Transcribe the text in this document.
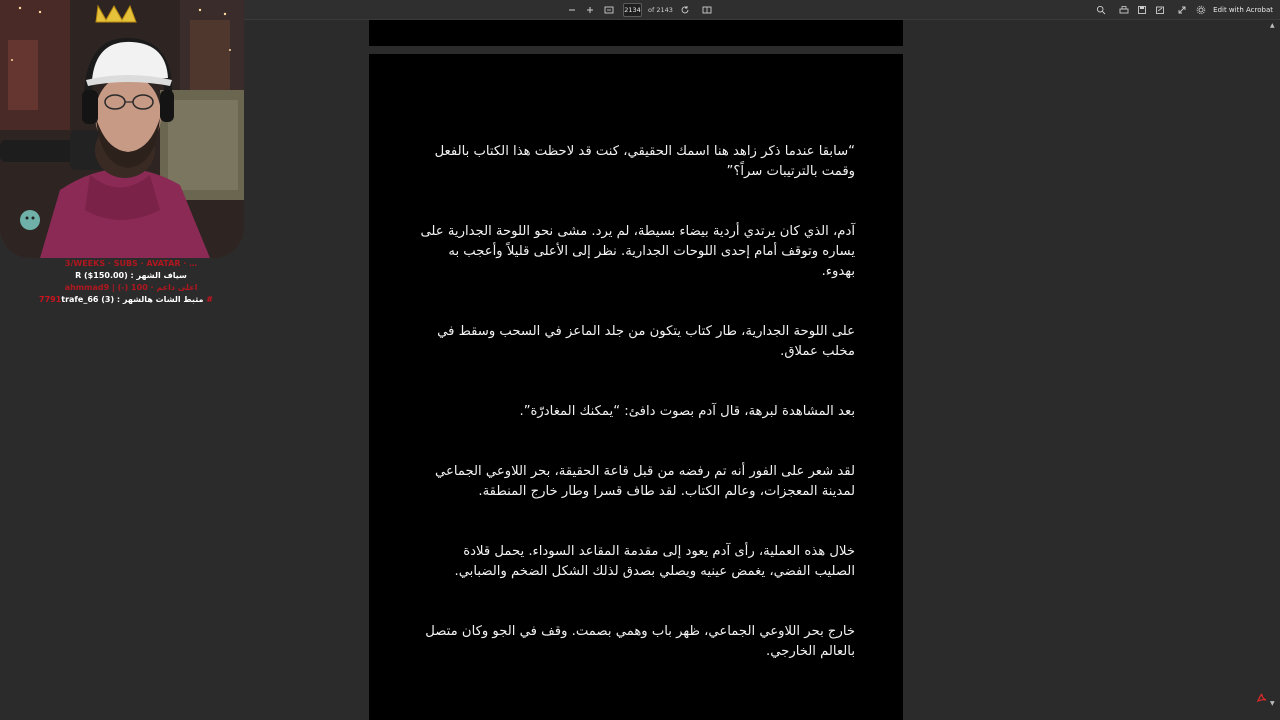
2134
of 2143	Edit with Acrobat
3/WEEKS · SUBS · AVATAR · …
R ($150.00) : سياف الشهر
ahmmad9 | (-) 100 · اعلى داعم
7791trafe_66 (3) : مثبط الشات هالشهر #

“سابقا عندما ذكر زاهد هنا اسمك الحقيقي، كنت قد لاحظت هذا الكتاب بالفعل وقمت بالترتيبات سراً؟”

آدم، الذي كان يرتدي أردية بيضاء بسيطة، لم يرد. مشى نحو اللوحة الجدارية على يساره وتوقف أمام إحدى اللوحات الجدارية. نظر إلى الأعلى قليلاً وأعجب به بهدوء.

على اللوحة الجدارية، طار كتاب يتكون من جلد الماعز في السحب وسقط في مخلب عملاق.

بعد المشاهدة لبرهة، قال آدم بصوت دافئ: “يمكنك المغادرّة”.

لقد شعر على الفور أنه تم رفضه من قبل قاعة الحقيقة، بحر اللاوعي الجماعي لمدينة المعجزات، وعالم الكتاب. لقد طاف قسرا وطار خارج المنطقة.

خلال هذه العملية، رأى آدم يعود إلى مقدمة المقاعد السوداء. يحمل قلادة الصليب الفضي، يغمض عينيه ويصلي بصدق لذلك الشكل الضخم والضبابي.

خارج بحر اللاوعي الجماعي، ظهر باب وهمي بصمت. وقف في الجو وكان متصل بالعالم الخارجي.

▲
▼
